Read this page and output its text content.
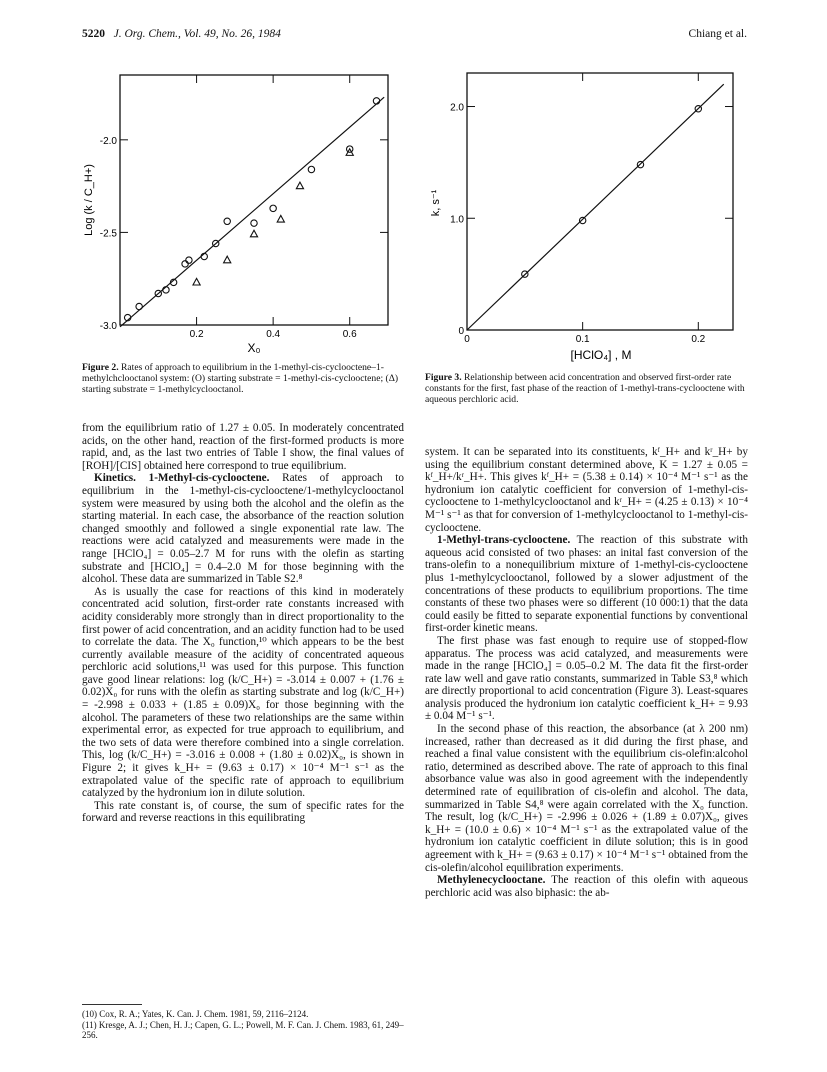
5220 J. Org. Chem., Vol. 49, No. 26, 1984	Chiang et al.
0.2	0.4	0.6
-2.0
-2.5
-3.0
X₀
Log (k / C_H+)
0	0.1	0.2
0
1.0
2.0
[HClO₄] , M
k, s⁻¹
Figure 2. Rates of approach to equilibrium in the 1-methyl-cis-cyclooctene–1-methylchclooctanol system: (O) starting substrate = 1-methyl-cis-cyclooctene; (Δ) starting substrate = 1-methylcyclooctanol.
Figure 3. Relationship between acid concentration and observed first-order rate constants for the first, fast phase of the reaction of 1-methyl-trans-cyclooctene with aqueous perchloric acid.

from the equilibrium ratio of 1.27 ± 0.05. In moderately concentrated acids, on the other hand, reaction of the first-formed products is more rapid, and, as the last two entries of Table I show, the final values of [ROH]/[CIS] obtained here correspond to true equilibrium.

Kinetics. 1-Methyl-cis-cyclooctene. Rates of approach to equilibrium in the 1-methyl-cis-cyclooctene/1-methylcyclooctanol system were measured by using both the alcohol and the olefin as the starting material. In each case, the absorbance of the reaction solution changed smoothly and followed a single exponential rate law. The reactions were acid catalyzed and measurements were made in the range [HClO₄] = 0.05–2.7 M for runs with the olefin as starting substrate and [HClO₄] = 0.4–2.0 M for those beginning with the alcohol. These data are summarized in Table S2.⁸

As is usually the case for reactions of this kind in moderately concentrated acid solution, first-order rate constants increased with acidity considerably more strongly than in direct proportionality to the first power of acid concentration, and an acidity function had to be used to correlate the data. The X₀ function,¹⁰ which appears to be the best currently available measure of the acidity of concentrated aqueous perchloric acid solutions,¹¹ was used for this purpose. This function gave good linear relations: log (k/C_H+) = -3.014 ± 0.007 + (1.76 ± 0.02)X₀ for runs with the olefin as starting substrate and log (k/C_H+) = -2.998 ± 0.033 + (1.85 ± 0.09)X₀ for those beginning with the alcohol. The parameters of these two relationships are the same within experimental error, as expected for true approach to equilibrium, and the two sets of data were therefore combined into a single correlation. This, log (k/C_H+) = -3.016 ± 0.008 + (1.80 ± 0.02)X₀, is shown in Figure 2; it gives k_H+ = (9.63 ± 0.17) × 10⁻⁴ M⁻¹ s⁻¹ as the extrapolated value of the specific rate of approach to equilibrium catalyzed by the hydronium ion in dilute solution.

This rate constant is, of course, the sum of specific rates for the forward and reverse reactions in this equilibrating

(10) Cox, R. A.; Yates, K. Can. J. Chem. 1981, 59, 2116–2124.
(11) Kresge, A. J.; Chen, H. J.; Capen, G. L.; Powell, M. F. Can. J. Chem. 1983, 61, 249–256.

system. It can be separated into its constituents, kᶠ_H+ and kʳ_H+ by using the equilibrium constant determined above, K = 1.27 ± 0.05 = kᶠ_H+/kʳ_H+. This gives kᶠ_H+ = (5.38 ± 0.14) × 10⁻⁴ M⁻¹ s⁻¹ as the hydronium ion catalytic coefficient for conversion of 1-methyl-cis-cyclooctene to 1-methylcyclooctanol and kʳ_H+ = (4.25 ± 0.13) × 10⁻⁴ M⁻¹ s⁻¹ as that for conversion of 1-methylcyclooctanol to 1-methyl-cis-cyclooctene.

1-Methyl-trans-cyclooctene. The reaction of this substrate with aqueous acid consisted of two phases: an inital fast conversion of the trans-olefin to a nonequilibrium mixture of 1-methyl-cis-cyclooctene plus 1-methylcyclooctanol, followed by a slower adjustment of the concentrations of these products to equilibrium proportions. The time constants of these two phases were so different (10 000:1) that the data could easily be fitted to separate exponential functions by conventional first-order kinetic means.

The first phase was fast enough to require use of stopped-flow apparatus. The process was acid catalyzed, and measurements were made in the range [HClO₄] = 0.05–0.2 M. The data fit the first-order rate law well and gave ratio constants, summarized in Table S3,⁸ which are directly proportional to acid concentration (Figure 3). Least-squares analysis produced the hydronium ion catalytic coefficient k_H+ = 9.93 ± 0.04 M⁻¹ s⁻¹.

In the second phase of this reaction, the absorbance (at λ 200 nm) increased, rather than decreased as it did during the first phase, and reached a final value consistent with the equilibrium cis-olefin:alcohol ratio, determined as described above. The rate of approach to this final absorbance value was also in good agreement with the independently determined rate of equilibration of cis-olefin and alcohol. The data, summarized in Table S4,⁸ were again correlated with the X₀ function. The result, log (k/C_H+) = -2.996 ± 0.026 + (1.89 ± 0.07)X₀, gives k_H+ = (10.0 ± 0.6) × 10⁻⁴ M⁻¹ s⁻¹ as the extrapolated value of the hydronium ion catalytic coefficient in dilute solution; this is in good agreement with k_H+ = (9.63 ± 0.17) × 10⁻⁴ M⁻¹ s⁻¹ obtained from the cis-olefin/alcohol equilibration experiments.

Methylenecyclooctane. The reaction of this olefin with aqueous perchloric acid was also biphasic: the ab-
